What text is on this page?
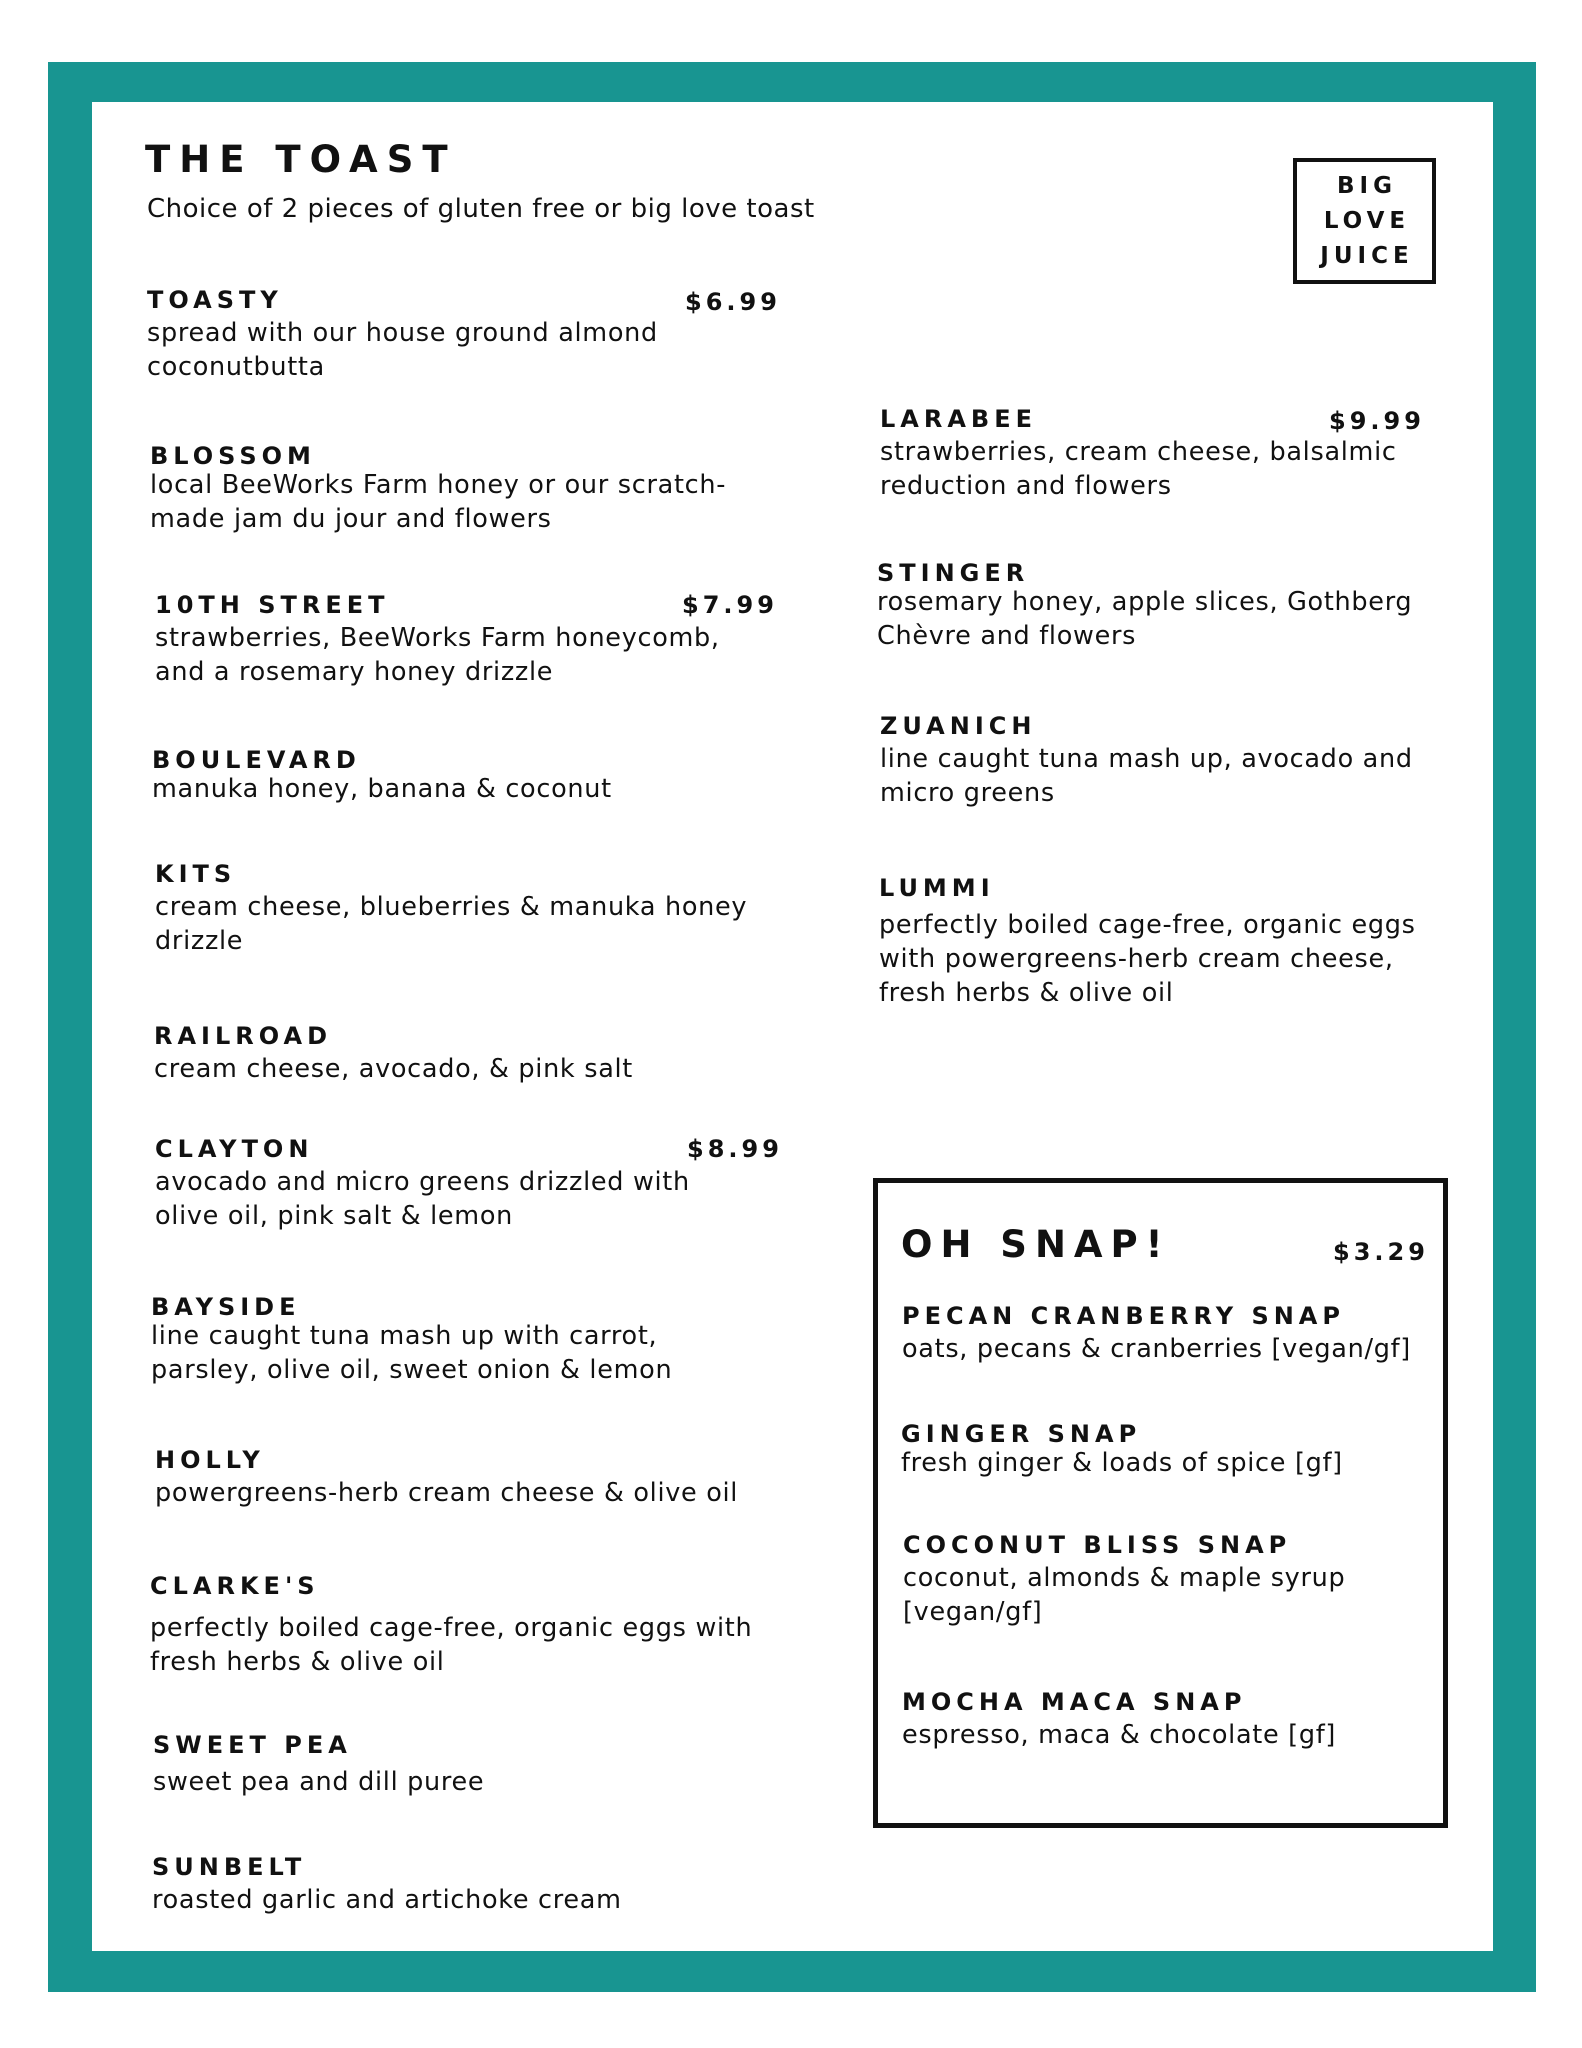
THE TOAST
Choice of 2 pieces of gluten free or big love toast
BIG
LOVE
JUICE
$6.99
$7.99
$8.99
$9.99
TOASTY
spread with our house ground almond
coconutbutta
BLOSSOM
local BeeWorks Farm honey or our scratch-
made jam du jour and flowers
10TH STREET
strawberries, BeeWorks Farm honeycomb,
and a rosemary honey drizzle
BOULEVARD
manuka honey, banana & coconut
KITS
cream cheese, blueberries & manuka honey
drizzle
RAILROAD
cream cheese, avocado, & pink salt
CLAYTON
avocado and micro greens drizzled with
olive oil, pink salt & lemon
BAYSIDE
line caught tuna mash up with carrot,
parsley, olive oil, sweet onion & lemon
HOLLY
powergreens-herb cream cheese & olive oil
CLARKE'S
perfectly boiled cage-free, organic eggs with
fresh herbs & olive oil
SWEET PEA
sweet pea and dill puree
SUNBELT
roasted garlic and artichoke cream
LARABEE
strawberries, cream cheese, balsalmic
reduction and flowers
STINGER
rosemary honey, apple slices, Gothberg
Chèvre and flowers
ZUANICH
line caught tuna mash up, avocado and
micro greens
LUMMI
perfectly boiled cage-free, organic eggs
with powergreens-herb cream cheese,
fresh herbs & olive oil
OH SNAP!	$3.29
PECAN CRANBERRY SNAP
oats, pecans & cranberries [vegan/gf]
GINGER SNAP
fresh ginger & loads of spice [gf]
COCONUT BLISS SNAP
coconut, almonds & maple syrup
[vegan/gf]
MOCHA MACA SNAP
espresso, maca & chocolate [gf]
